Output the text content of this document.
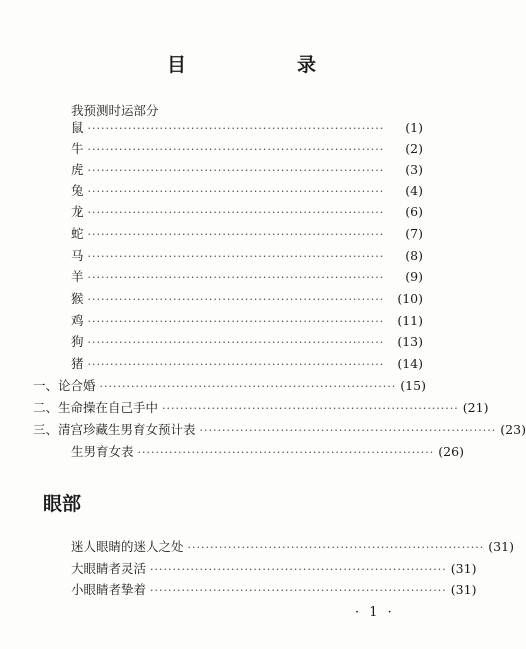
目　录
我预测时运部分
鼠 ··································································	(1)
牛 ··································································	(2)
虎 ··································································	(3)
兔 ··································································	(4)
龙 ··································································	(6)
蛇 ··································································	(7)
马 ··································································	(8)
羊 ··································································	(9)
猴 ··································································	(10)
鸡 ··································································	(11)
狗 ··································································	(13)
猪 ··································································	(14)
一、论合婚 ·································································· (15)
二、生命操在自己手中 ·································································· (21)
三、清宫珍藏生男育女预计表 ·································································· (23)
生男育女表 ·································································· (26)
眼部
迷人眼睛的迷人之处 ·································································· (31)
大眼睛者灵活 ·································································· (31)
小眼睛者挚着 ·································································· (31)
· 1 ·
